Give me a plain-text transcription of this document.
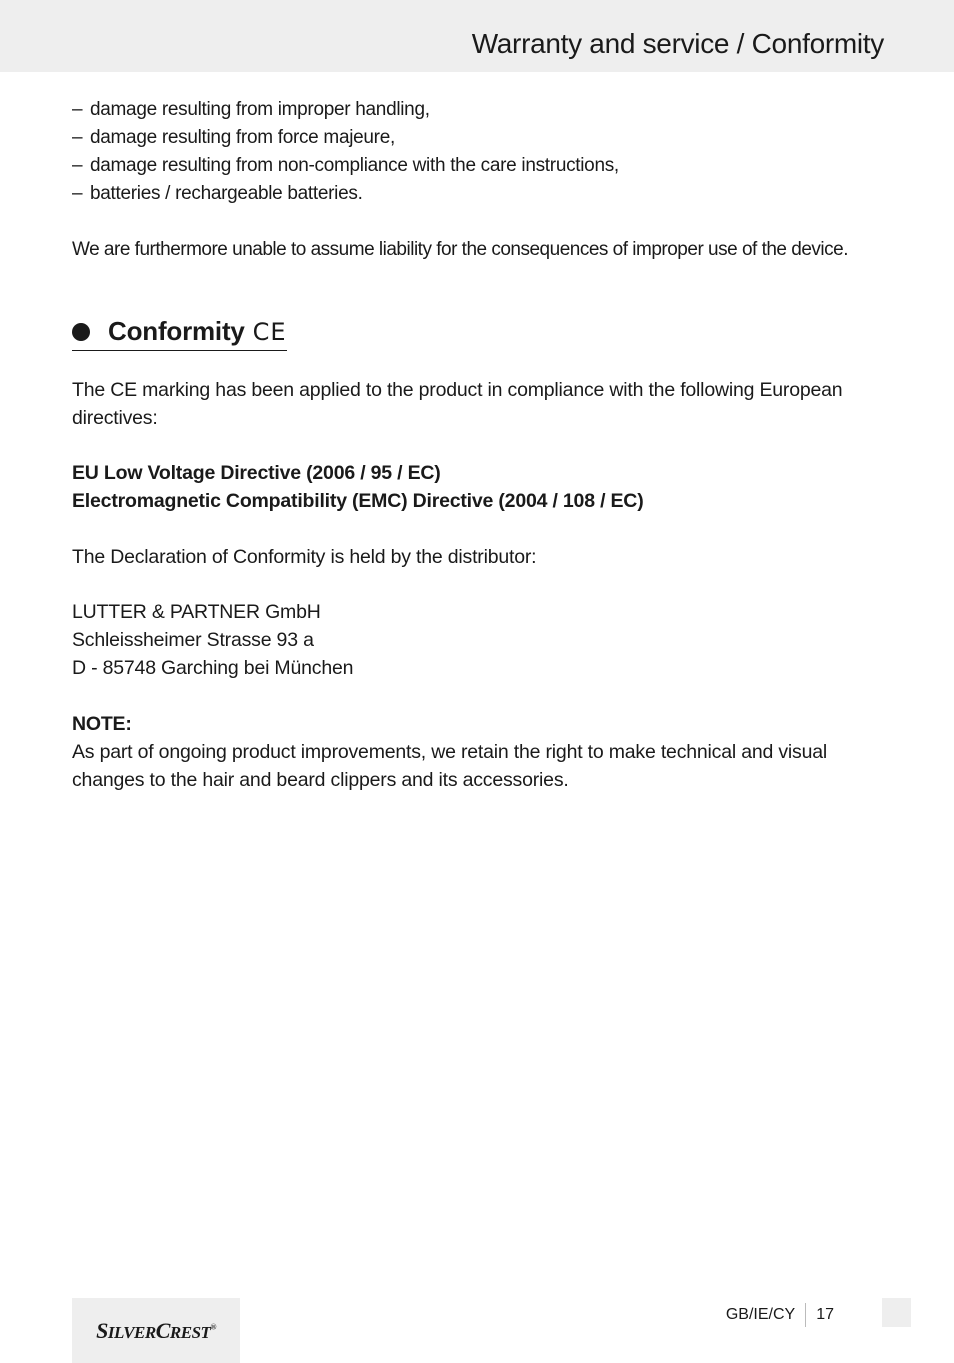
Warranty and service / Conformity
– damage resulting from improper handling,
– damage resulting from force majeure,
– damage resulting from non-compliance with the care instructions,
– batteries / rechargeable batteries.

We are furthermore unable to assume liability for the consequences of improper use of the device.

Conformity CE

The CE marking has been applied to the product in compliance with the following European directives:

EU Low Voltage Directive (2006 / 95 / EC)

Electromagnetic Compatibility (EMC) Directive (2004 / 108 / EC)

The Declaration of Conformity is held by the distributor:

LUTTER & PARTNER GmbH

Schleissheimer Strasse 93 a

D - 85748 Garching bei München

NOTE:

As part of ongoing product improvements, we retain the right to make technical and visual changes to the hair and beard clippers and its accessories.

SILVERCREST®
GB/IE/CY 17
